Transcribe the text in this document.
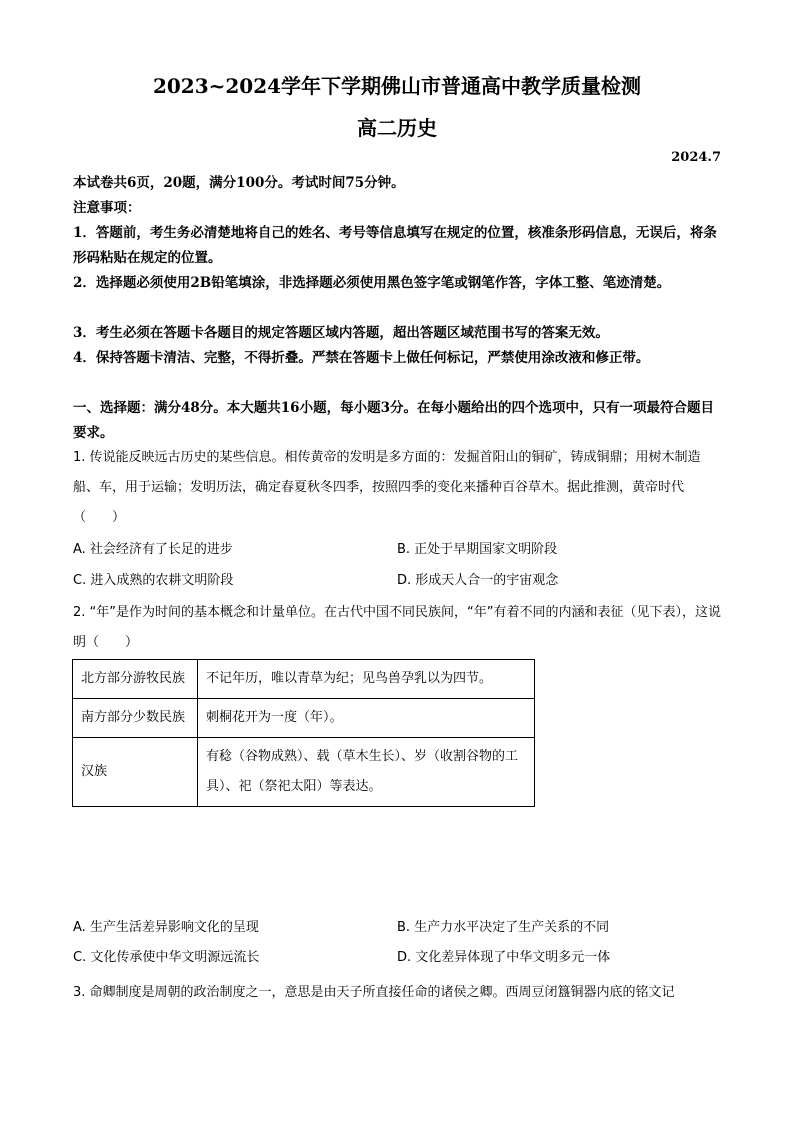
2023~2024学年下学期佛山市普通高中教学质量检测
高二历史
2024.7
本试卷共6页，20题，满分100分。考试时间75分钟。
注意事项：
1．答题前，考生务必清楚地将自己的姓名、考号等信息填写在规定的位置，核准条形码信息，无误后，将条形码粘贴在规定的位置。
2．选择题必须使用2B铅笔填涂，非选择题必须使用黑色签字笔或钢笔作答，字体工整、笔迹清楚。
3．考生必须在答题卡各题目的规定答题区域内答题，超出答题区域范围书写的答案无效。
4．保持答题卡清洁、完整，不得折叠。严禁在答题卡上做任何标记，严禁使用涂改液和修正带。
一、选择题：满分48分。本大题共16小题，每小题3分。在每小题给出的四个选项中，只有一项最符合题目要求。
1. 传说能反映远古历史的某些信息。相传黄帝的发明是多方面的：发掘首阳山的铜矿，铸成铜鼎；用树木制造船、车，用于运输；发明历法，确定春夏秋冬四季，按照四季的变化来播种百谷草木。据此推测，黄帝时代（　　）
A. 社会经济有了长足的进步	B. 正处于早期国家文明阶段
C. 进入成熟的农耕文明阶段	D. 形成天人合一的宇宙观念
2. “年”是作为时间的基本概念和计量单位。在古代中国不同民族间，“年”有着不同的内涵和表征（见下表），这说明（　　）
北方部分游牧民族	不记年历，唯以青草为纪；见鸟兽孕乳以为四节。
南方部分少数民族	刺桐花开为一度（年）。
汉族	有稔（谷物成熟）、载（草木生长）、岁（收割谷物的工具）、祀（祭祀太阳）等表达。
A. 生产生活差异影响文化的呈现	B. 生产力水平决定了生产关系的不同
C. 文化传承使中华文明源远流长	D. 文化差异体现了中华文明多元一体
3. 命卿制度是周朝的政治制度之一，意思是由天子所直接任命的诸侯之卿。西周豆闭簋铜器内底的铭文记
